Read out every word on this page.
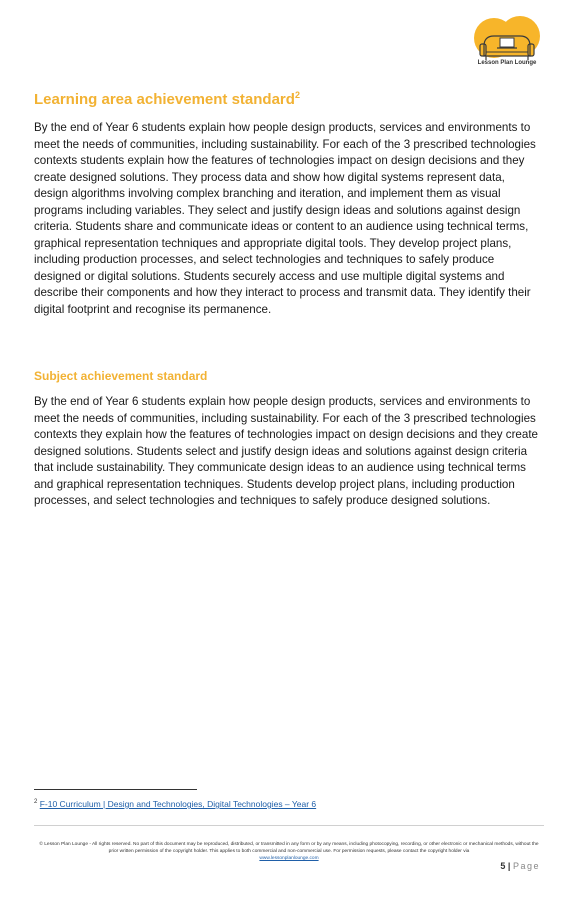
Lesson Plan Lounge
Learning area achievement standard$^2$
By the end of Year 6 students explain how people design products, services and environments to meet the needs of communities, including sustainability. For each of the 3 prescribed technologies contexts students explain how the features of technologies impact on design decisions and they create designed solutions. They process data and show how digital systems represent data, design algorithms involving complex branching and iteration, and implement them as visual programs including variables. They select and justify design ideas and solutions against design criteria. Students share and communicate ideas or content to an audience using technical terms, graphical representation techniques and appropriate digital tools. They develop project plans, including production processes, and select technologies and techniques to safely produce designed or digital solutions. Students securely access and use multiple digital systems and describe their components and how they interact to process and transmit data. They identify their digital footprint and recognise its permanence.
Subject achievement standard
By the end of Year 6 students explain how people design products, services and environments to meet the needs of communities, including sustainability. For each of the 3 prescribed technologies contexts they explain how the features of technologies impact on design decisions and they create designed solutions. Students select and justify design ideas and solutions against design criteria that include sustainability. They communicate design ideas to an audience using technical terms and graphical representation techniques. Students develop project plans, including production processes, and select technologies and techniques to safely produce designed solutions.
$^2$ F-10 Curriculum | Design and Technologies, Digital Technologies – Year 6
© Lesson Plan Lounge - All rights reserved. No part of this document may be reproduced, distributed, or transmitted in any form or by any means, including photocopying, recording, or other electronic or mechanical methods, without the prior written permission of the copyright holder. This applies to both commercial and non-commercial use. For permission requests, please contact the copyright holder via
www.lessonplanlounge.com
5 | Page
